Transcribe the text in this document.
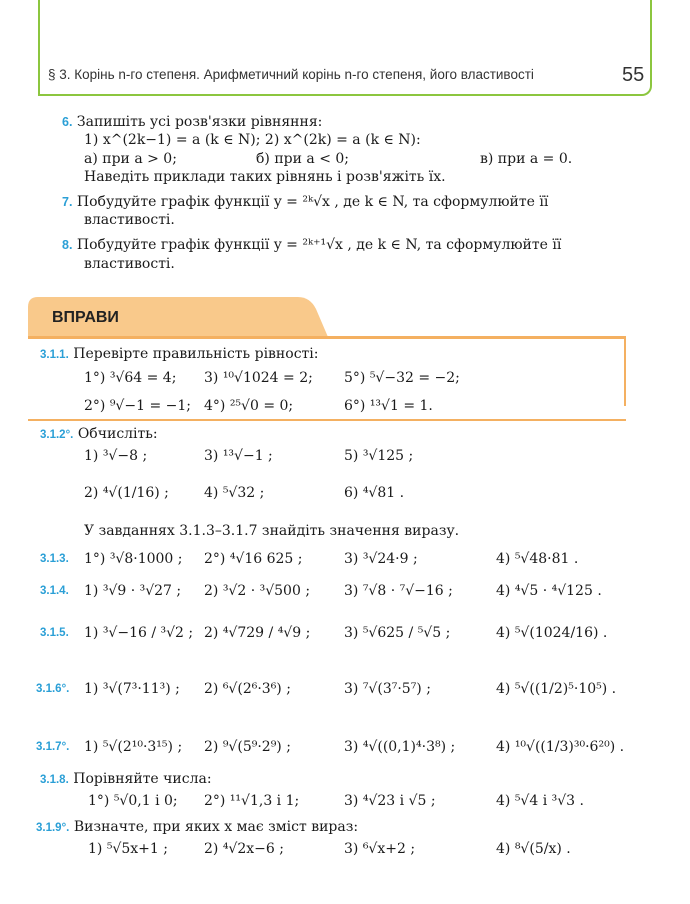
§ 3. Корінь n-го степеня. Арифметичний корінь n-го степеня, його властивості	55
6. Запишіть усі розв'язки рівняння:
1) x^(2k−1) = a (k ∈ N); 2) x^(2k) = a (k ∈ N):
а) при a > 0;	б) при a < 0;	в) при a = 0.
Наведіть приклади таких рівнянь і розв'яжіть їх.
7. Побудуйте графік функції y = ²ᵏ√x , де k ∈ N, та сформулюйте її
властивості.
8. Побудуйте графік функції y = ²ᵏ⁺¹√x , де k ∈ N, та сформулюйте її
властивості.
ВПРАВИ
3.1.1. Перевірте правильність рівності:
1°) ³√64 = 4; 3) ¹⁰√1024 = 2; 5°) ⁵√−32 = −2;
2°) ⁹√−1 = −1; 4°) ²⁵√0 = 0;	6°) ¹³√1 = 1.
3.1.2°. Обчисліть:
1) ³√−8 ;	3) ¹³√−1 ;	5) ³√125 ;
2) ⁴√(1/16) ;	4) ⁵√32 ;	6) ⁴√81 .
У завданнях 3.1.3–3.1.7 знайдіть значення виразу.
3.1.3. 1°) ³√8·1000 ; 2°) ⁴√16 625 ;	3) ³√24·9 ;	4) ⁵√48·81 .
3.1.4. 1) ³√9 · ³√27 ; 2) ³√2 · ³√500 ; 3) ⁷√8 · ⁷√−16 ;	4) ⁴√5 · ⁴√125 .
3.1.5. 1) ³√−16 / ³√2 ; 2) ⁴√729 / ⁴√9 ; 3) ⁵√625 / ⁵√5 ;	4) ⁵√(1024/16) .
3.1.6°. 1) ³√(7³·11³) ; 2) ⁶√(2⁶·3⁶) ;	3) ⁷√(3⁷·5⁷) ;	4) ⁵√((1/2)⁵·10⁵) .
3.1.7°. 1) ⁵√(2¹⁰·3¹⁵) ; 2) ⁹√(5⁹·2⁹) ;	3) ⁴√((0,1)⁴·3⁸) ;	4) ¹⁰√((1/3)³⁰·6²⁰) .
3.1.8. Порівняйте числа:
1°) ⁵√0,1 і 0; 2°) ¹¹√1,3 і 1;	3) ⁴√23 і √5 ;	4) ⁵√4 і ³√3 .
3.1.9°. Визначте, при яких x має зміст вираз:
1) ⁵√5x+1 ;	2) ⁴√2x−6 ;	3) ⁶√x+2 ;	4) ⁸√(5/x) .
